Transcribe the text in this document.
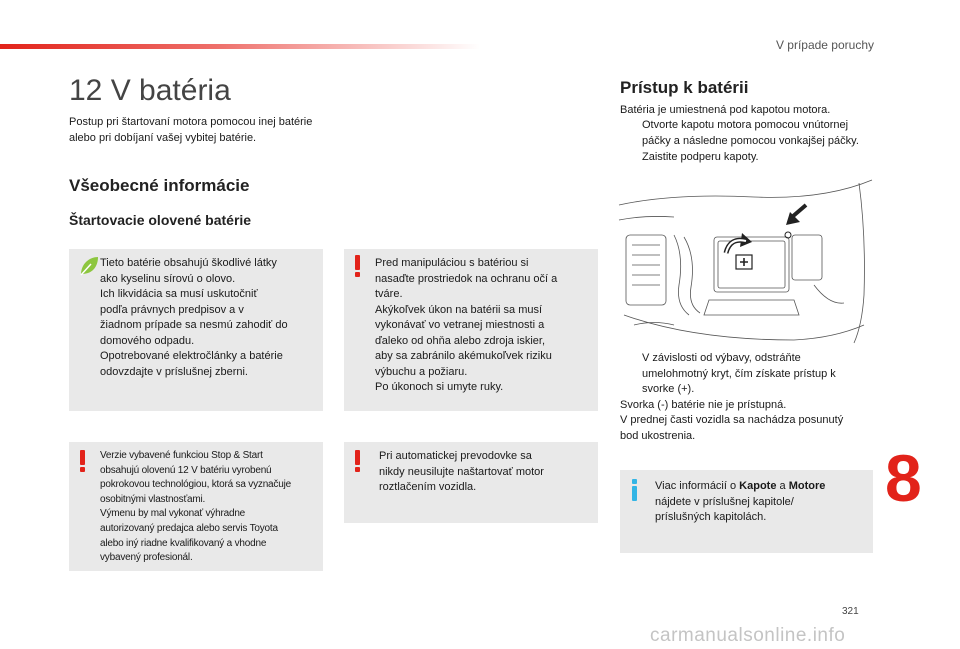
V prípade poruchy
12 V batéria
Postup pri štartovaní motora pomocou inej batérie alebo pri dobíjaní vašej vybitej batérie.
Všeobecné informácie
Štartovacie olovené batérie
Tieto batérie obsahujú škodlivé látky
ako kyselinu sírovú o olovo.
Ich likvidácia sa musí uskutočniť
podľa právnych predpisov a v
žiadnom prípade sa nesmú zahodiť do
domového odpadu.
Opotrebované elektročlánky a batérie
odovzdajte v príslušnej zberni.
Pred manipuláciou s batériou si
nasaďte prostriedok na ochranu očí a
tváre.
Akýkoľvek úkon na batérii sa musí
vykonávať vo vetranej miestnosti a
ďaleko od ohňa alebo zdroja iskier,
aby sa zabránilo akémukoľvek riziku
výbuchu a požiaru.
Po úkonoch si umyte ruky.
Verzie vybavené funkciou Stop & Start
obsahujú olovenú 12 V batériu vyrobenú
pokrokovou technológiou, ktorá sa vyznačuje
osobitnými vlastnosťami.
Výmenu by mal vykonať výhradne
autorizovaný predajca alebo servis Toyota
alebo iný riadne kvalifikovaný a vhodne
vybavený profesionál.
Pri automatickej prevodovke sa
nikdy neusilujte naštartovať motor
roztlačením vozidla.
Prístup k batérii
Batéria je umiestnená pod kapotou motora.
Otvorte kapotu motora pomocou vnútornej
páčky a následne pomocou vonkajšej páčky.
Zaistite podperu kapoty.
V závislosti od výbavy, odstráňte
umelohmotný kryt, čím získate prístup k
svorke (+).
Svorka (-) batérie nie je prístupná.
V prednej časti vozidla sa nachádza posunutý
bod ukostrenia.
Viac informácií o Kapote a Motore
nájdete v príslušnej kapitole/
príslušných kapitolách.
8
321
carmanualsonline.info
